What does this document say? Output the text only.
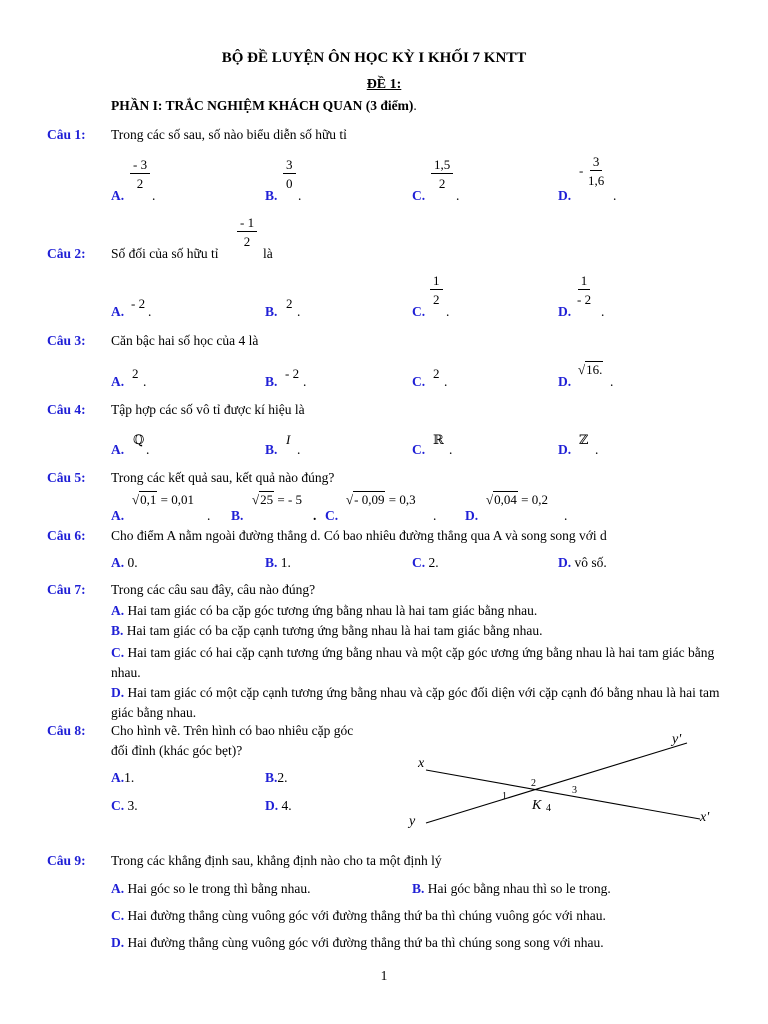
BỘ ĐỀ LUYỆN ÔN HỌC KỲ I KHỐI 7 KNTT
ĐỀ 1:
PHẦN I: TRẮC NGHIỆM KHÁCH QUAN (3 điểm).
Câu 1: Trong các số sau, số nào biểu diễn số hữu tỉ
A.
$\frac{- 3}{2}$
.	B.
$\frac{3}{0}$
.	C.
$\frac{1,5}{2}$
.	D.
- $\frac{3}{1,6}$
.
Câu 2: Số đối của số hữu tỉ
$\frac{- 1}{2}$
là
A.
- 2
.	B.
2
.	C.
$\frac{1}{2}$
.	D.
$\frac{1}{- 2}$
.
Câu 3: Căn bậc hai số học của 4 là
A.
2
.	B.
- 2
.	C.
2
.	D.
√16.
.
Câu 4: Tập hợp các số vô tỉ được kí hiệu là
A.
ℚ
.	B.
I
.	C.
ℝ
.	D.
ℤ
.
Câu 5: Trong các kết quả sau, kết quả nào đúng?
A.
√0,1 = 0,01
. B.
√25 = - 5
. C.
√- 0,09 = 0,3
. D.
√0,04 = 0,2
.
Câu 6: Cho điểm A nằm ngoài đường thẳng d. Có bao nhiêu đường thẳng qua A và song song với d
A. 0.	B. 1.	C. 2.	D. vô số.
Câu 7: Trong các câu sau đây, câu nào đúng?
A. Hai tam giác có ba cặp góc tương ứng bằng nhau là hai tam giác bằng nhau.
B. Hai tam giác có ba cặp cạnh tương ứng bằng nhau là hai tam giác bằng nhau.
C. Hai tam giác có hai cặp cạnh tương ứng bằng nhau và một cặp góc ương ứng bằng nhau là hai tam giác bằng nhau.
D. Hai tam giác có một cặp cạnh tương ứng bằng nhau và cặp góc đối diện với cặp cạnh đó bằng nhau là hai tam giác bằng nhau.
Câu 8: Cho hình vẽ. Trên hình có bao nhiêu cặp góc
đối đỉnh (khác góc bẹt)?
A.1.	B.2.
C. 3.	D. 4.
x
y	x'
y'
K
1
2
3
4
Câu 9: Trong các khẳng định sau, khẳng định nào cho ta một định lý
A. Hai góc so le trong thì bằng nhau.	B. Hai góc bằng nhau thì so le trong.
C. Hai đường thẳng cùng vuông góc với đường thẳng thứ ba thì chúng vuông góc với nhau.
D. Hai đường thẳng cùng vuông góc với đường thẳng thứ ba thì chúng song song với nhau.
1
